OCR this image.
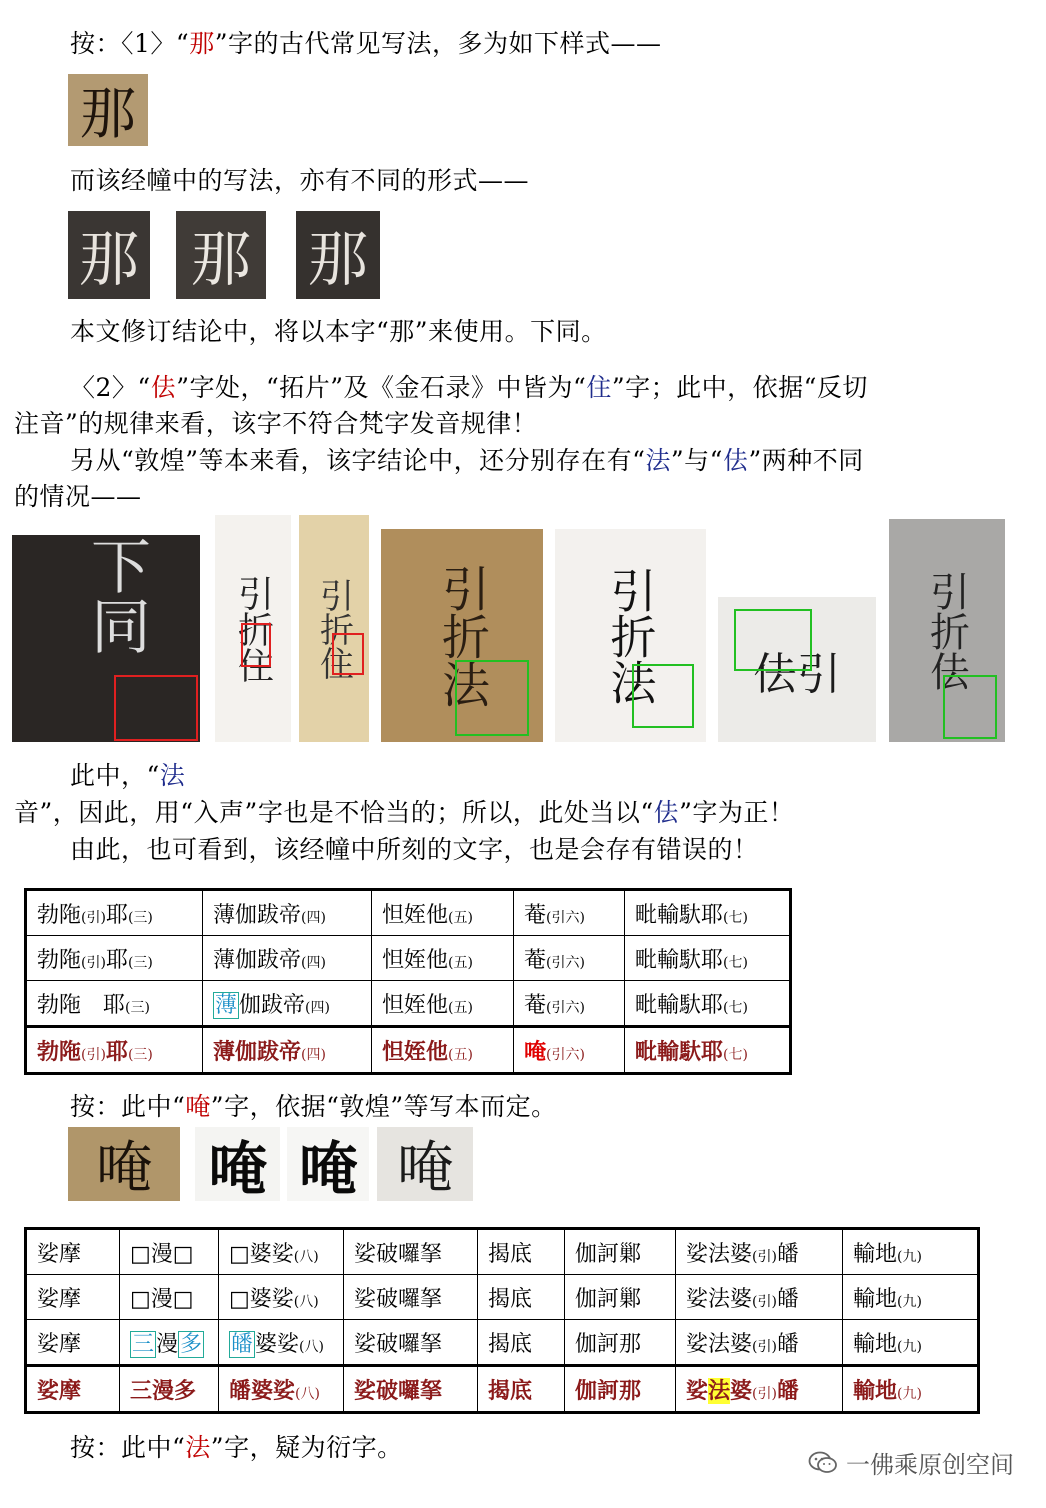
按：〈1〉“那”字的古代常见写法，多为如下样式——
那
而该经幢中的写法，亦有不同的形式——
那 那 那
本文修订结论中，将以本字“那”来使用。下同。
〈2〉“佉”字处，“拓片”及《金石录》中皆为“住”字；此中，依据“反切
注音”的规律来看，该字不符合梵字发音规律！
另从“敦煌”等本来看，该字结论中，还分别存在有“法”与“佉”两种不同
的情况——
下同	引折住	引折住	引折法	引折法	佉引	引折佉
此中，“ 法
音”，因此，用“入声”字也是不恰当的；所以，此处当以“佉”字为正！
由此，也可看到，该经幢中所刻的文字，也是会存有错误的！
勃陁(引)耶(三)	薄伽跋帝(四)	怛姪他(五)	菴(引六)	毗輸馱耶(七)
勃陁(引)耶(三)	薄伽跋帝(四)	怛姪他(五)	菴(引六)	毗輸馱耶(七)
勃陁　 耶(三)	薄伽跋帝(四)	怛姪他(五)	菴(引六)	毗輸馱耶(七)
勃陁(引)耶(三)	薄伽跋帝(四)	怛姪他(五)	唵(引六)	毗輸馱耶(七)
按：此中“唵”字，依据“敦煌”等写本而定。
唵 唵 唵 唵
娑摩	□漫□	□婆娑(八)	娑破囉拏	揭底	伽訶鄛	娑法婆(引)皤	輸地(九)
娑摩	□漫□	□婆娑(八)	娑破囉拏	揭底	伽訶鄛	娑法婆(引)皤	輸地(九)
娑摩	三漫多	皤婆娑(八)	娑破囉拏	揭底	伽訶那	娑法婆(引)皤	輸地(九)
娑摩	三漫多	皤婆娑(八)	娑破囉拏	揭底	伽訶那	娑法婆(引)皤	輸地(九)
按：此中“法”字，疑为衍字。
一佛乘原创空间
